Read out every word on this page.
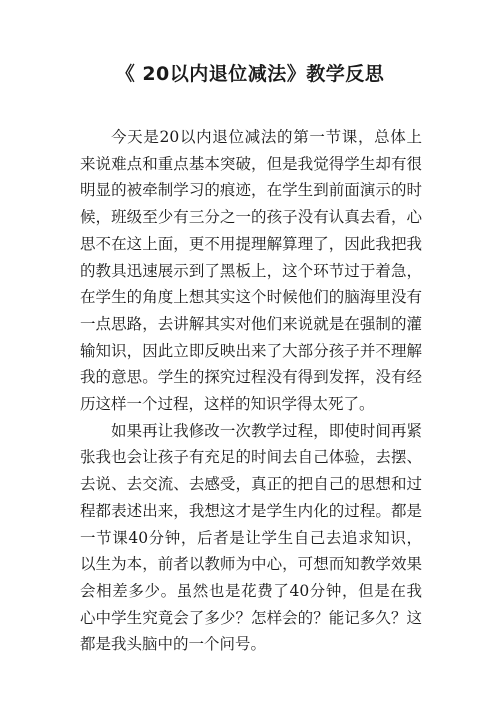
《 20以内退位减法》教学反思

今天是20以内退位减法的第一节课，总体上来说难点和重点基本突破，但是我觉得学生却有很明显的被牵制学习的痕迹，在学生到前面演示的时候，班级至少有三分之一的孩子没有认真去看，心思不在这上面，更不用提理解算理了，因此我把我的教具迅速展示到了黑板上，这个环节过于着急，在学生的角度上想其实这个时候他们的脑海里没有一点思路，去讲解其实对他们来说就是在强制的灌输知识，因此立即反映出来了大部分孩子并不理解我的意思。学生的探究过程没有得到发挥，没有经历这样一个过程，这样的知识学得太死了。

如果再让我修改一次教学过程，即使时间再紧张我也会让孩子有充足的时间去自己体验，去摆、去说、去交流、去感受，真正的把自己的思想和过程都表述出来，我想这才是学生内化的过程。都是一节课40分钟，后者是让学生自己去追求知识，以生为本，前者以教师为中心，可想而知教学效果会相差多少。虽然也是花费了40分钟，但是在我心中学生究竟会了多少？怎样会的？能记多久？这都是我头脑中的一个问号。
